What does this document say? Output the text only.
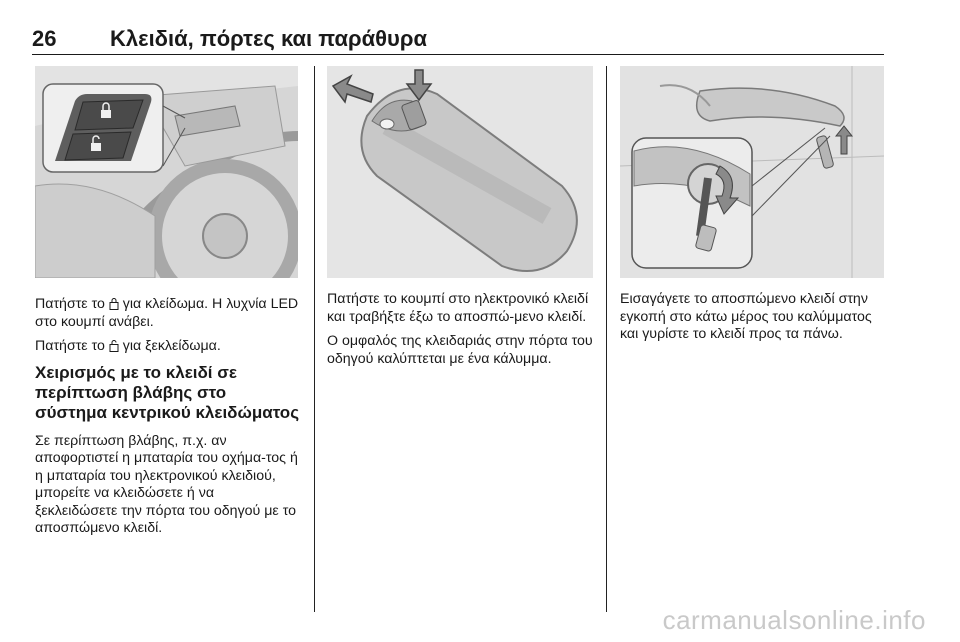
26 Κλειδιά, πόρτες και παράθυρα

Πατήστε το  για κλείδωμα. Η λυχνία LED στο κουμπί ανάβει.

Πατήστε το  για ξεκλείδωμα.

Χειρισμός με το κλειδί σε περίπτωση βλάβης στο σύστημα κεντρικού κλειδώματος

Σε περίπτωση βλάβης, π.χ. αν αποφορτιστεί η μπαταρία του οχήμα-τος ή η μπαταρία του ηλεκτρονικού κλειδιού, μπορείτε να κλειδώσετε ή να ξεκλειδώσετε την πόρτα του οδηγού με το αποσπώμενο κλειδί.

Πατήστε το κουμπί στο ηλεκτρονικό κλειδί και τραβήξτε έξω το αποσπώ-μενο κλειδί.

Ο ομφαλός της κλειδαριάς στην πόρτα του οδηγού καλύπτεται με ένα κάλυμμα.

Εισαγάγετε το αποσπώμενο κλειδί στην εγκοπή στο κάτω μέρος του καλύμματος και γυρίστε το κλειδί προς τα πάνω.

carmanualsonline.info
